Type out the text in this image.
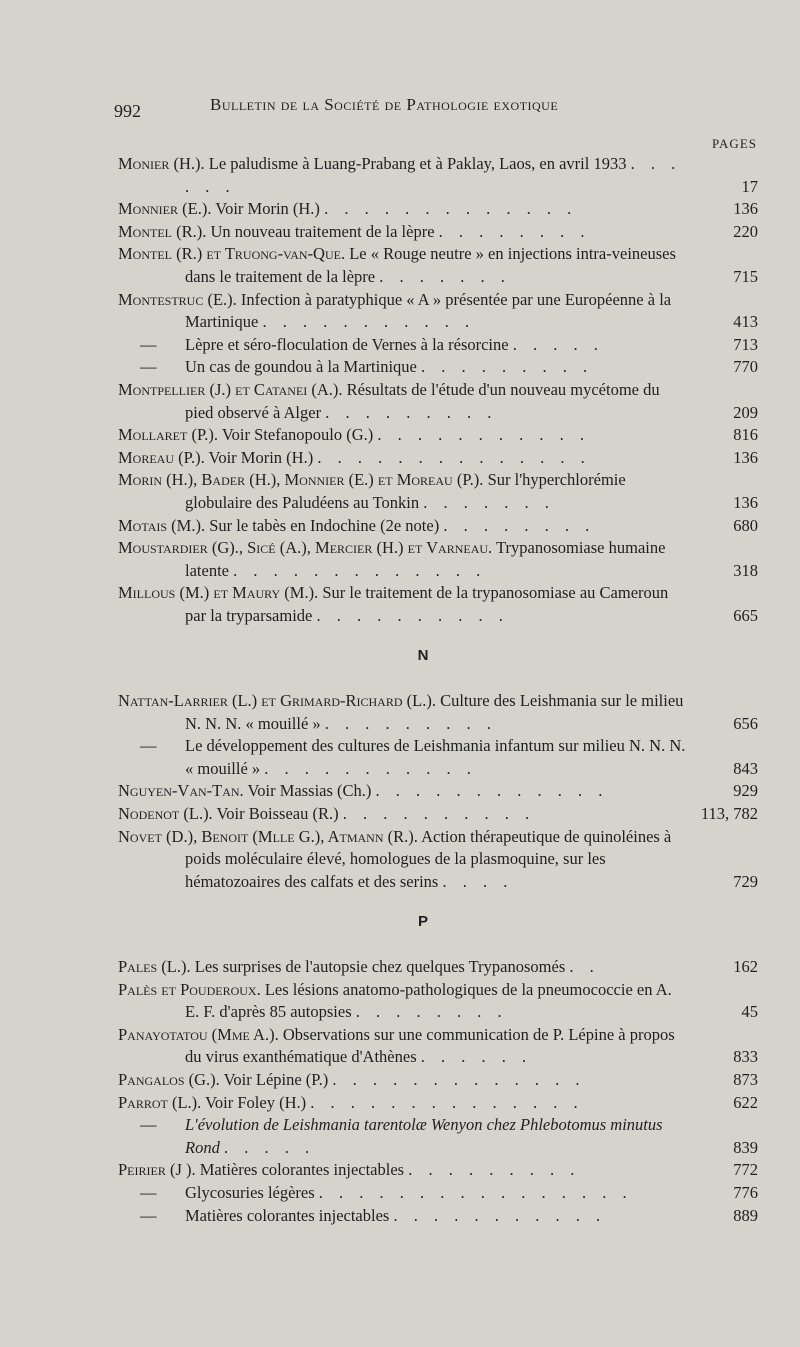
992	Bulletin de la Société de Pathologie exotique
PAGES
Monier (H.). Le paludisme à Luang-Prabang et à Paklay, Laos, en avril 1933 . . . . . .	17
Monnier (E.). Voir Morin (H.) . . . . . . . . . . . . .	136
Montel (R.). Un nouveau traitement de la lèpre . . . . . . . .	220
Montel (R.) et Truong-van-Que. Le « Rouge neutre » en injections intra-veineuses dans le traitement de la lèpre . . . . . . .	715
Montestruc (E.). Infection à paratyphique « A » présentée par une Européenne à la Martinique . . . . . . . . . . .	413
— Lèpre et séro-floculation de Vernes à la résorcine . . . . .	713
— Un cas de goundou à la Martinique . . . . . . . . .	770
Montpellier (J.) et Catanei (A.). Résultats de l'étude d'un nouveau mycétome du pied observé à Alger . . . . . . . . .	209
Mollaret (P.). Voir Stefanopoulo (G.) . . . . . . . . . . .	816
Moreau (P.). Voir Morin (H.) . . . . . . . . . . . . . .	136
Morin (H.), Bader (H.), Monnier (E.) et Moreau (P.). Sur l'hyperchlorémie globulaire des Paludéens au Tonkin . . . . . . .	136
Motais (M.). Sur le tabès en Indochine (2e note) . . . . . . . .	680
Moustardier (G)., Sicé (A.), Mercier (H.) et Varneau. Trypanosomiase humaine latente . . . . . . . . . . . . .	318
Millous (M.) et Maury (M.). Sur le traitement de la trypanosomiase au Cameroun par la tryparsamide . . . . . . . . . .	665
N
Nattan-Larrier (L.) et Grimard-Richard (L.). Culture des Leishmania sur le milieu N. N. N. « mouillé » . . . . . . . . .	656
— Le développement des cultures de Leishmania infantum sur milieu N. N. N. « mouillé » . . . . . . . . . . .	843
Nguyen-Van-Tan. Voir Massias (Ch.) . . . . . . . . . . . .	929
Nodenot (L.). Voir Boisseau (R.) . . . . . . . . . .	113, 782
Novet (D.), Benoit (Mlle G.), Atmann (R.). Action thérapeutique de quinoléines à poids moléculaire élevé, homologues de la plasmoquine, sur les hématozoaires des calfats et des serins . . . .	729
P
Pales (L.). Les surprises de l'autopsie chez quelques Trypanosomés . .	162
Palès et Pouderoux. Les lésions anatomo-pathologiques de la pneumococcie en A. E. F. d'après 85 autopsies . . . . . . . .	45
Panayotatou (Mme A.). Observations sur une communication de P. Lépine à propos du virus exanthématique d'Athènes . . . . . .	833
Pangalos (G.). Voir Lépine (P.) . . . . . . . . . . . . .	873
Parrot (L.). Voir Foley (H.) . . . . . . . . . . . . . .	622
— L'évolution de Leishmania tarentolæ Wenyon chez Phlebotomus minutus Rond . . . . .	839
Peirier (J ). Matières colorantes injectables . . . . . . . . .	772
— Glycosuries légères . . . . . . . . . . . . . . . .	776
— Matières colorantes injectables . . . . . . . . . . .	889
